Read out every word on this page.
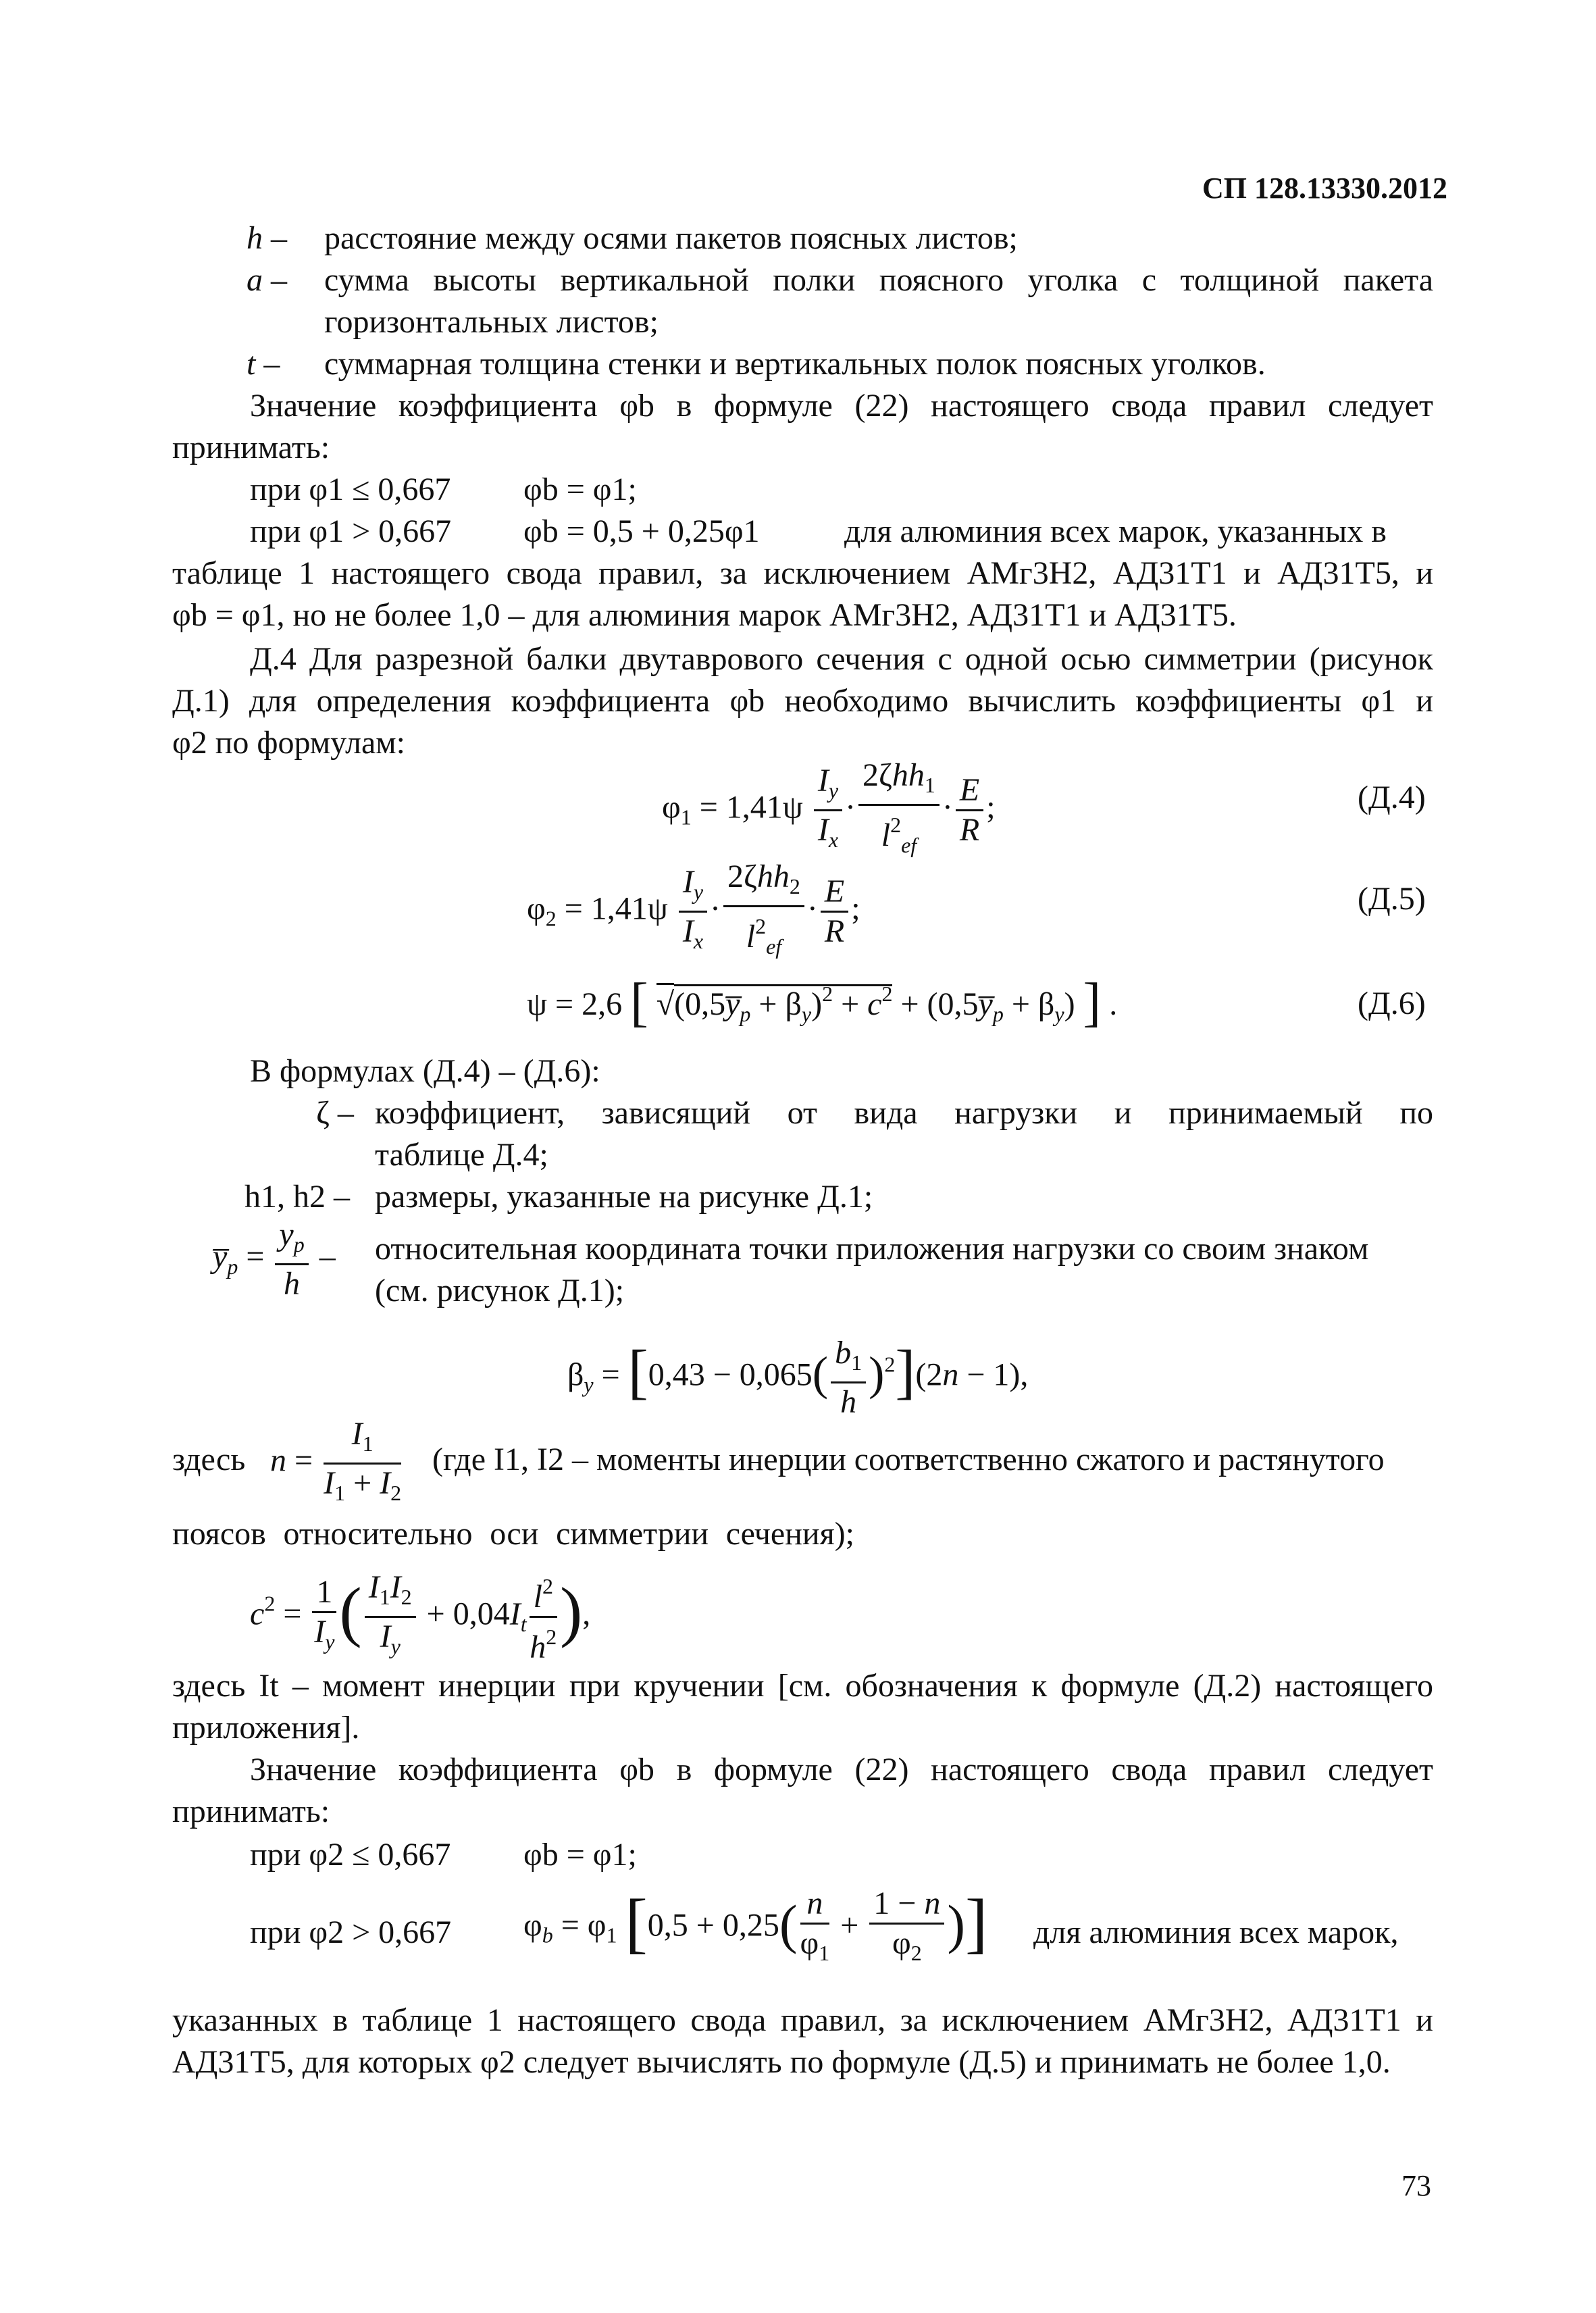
СП 128.13330.2012
h – расстояние между осями пакетов поясных листов;
a – сумма высоты вертикальной полки поясного уголка с толщиной пакета
горизонтальных листов;
t – суммарная толщина стенки и вертикальных полок поясных уголков.
Значение коэффициента φb в формуле (22) настоящего свода правил следует
принимать:
при φ1 ≤ 0,667 φb = φ1;
при φ1 > 0,667 φb = 0,5 + 0,25φ1	для алюминия всех марок, указанных в
таблице 1 настоящего свода правил, за исключением АМг3Н2, АД31Т1 и АД31Т5, и
φb = φ1, но не более 1,0 – для алюминия марок АМг3Н2, АД31Т1 и АД31Т5.
Д.4 Для разрезной балки двутаврового сечения с одной осью симметрии (рисунок
Д.1) для определения коэффициента φb необходимо вычислить коэффициенты φ1 и
φ2 по формулам:
$\varphi_1 = 1,41\psi \frac{I_y}{I_x} \cdot \frac{2\zeta hh_1}{l^2_{ef}} \cdot \frac{E}{R}$ ;	(Д.4)
$\varphi_2 = 1,41\psi \frac{I_y}{I_x} \cdot \frac{2\zeta hh_2}{l^2_{ef}} \cdot \frac{E}{R}$ ;	(Д.5)
ψ = 2,6 [ $√(0,5y̅_p + \beta_y)^2 + c^2$ + $(0,5y̅_p + \beta_y)$ ] .	(Д.6)
В формулах (Д.4) – (Д.6):
ζ – коэффициент, зависящий от вида нагрузки и принимаемый по
таблице Д.4;
h1, h2 – размеры, указанные на рисунке Д.1;
$y̅_p = \frac{y_p}{h}$ – относительная координата точки приложения нагрузки со своим знаком
(см. рисунок Д.1);
$\beta_y = [0,43 - 0,065( \frac{b_1}{h} )^2](2n - 1)$,
здесь $n = \frac{I_1}{I_1 + I_2} (где$ I1, I2 – моменты инерции соответственно сжатого и растянутого
поясов относительно оси симметрии сечения);
$c^2 = \frac{1}{I_y}$ ( $\frac{I_1I_2}{I_y} + 0,04I_t \frac{l^2}{h^2}$ ),
здесь It – момент инерции при кручении [см. обозначения к формуле (Д.2) настоящего
приложения].
Значение коэффициента φb в формуле (22) настоящего свода правил следует
принимать:
при φ2 ≤ 0,667 φb = φ1;
при φ2 > 0,667 $\varphi_b = \varphi_1$ [$0,5 + 0,25( \frac{n}{\varphi_1} + \frac{1 - n}{\varphi_2}$ )] для алюминия всех марок,
указанных в таблице 1 настоящего свода правил, за исключением АМг3Н2, АД31Т1 и
АД31Т5, для которых φ2 следует вычислять по формуле (Д.5) и принимать не более 1,0.
73
